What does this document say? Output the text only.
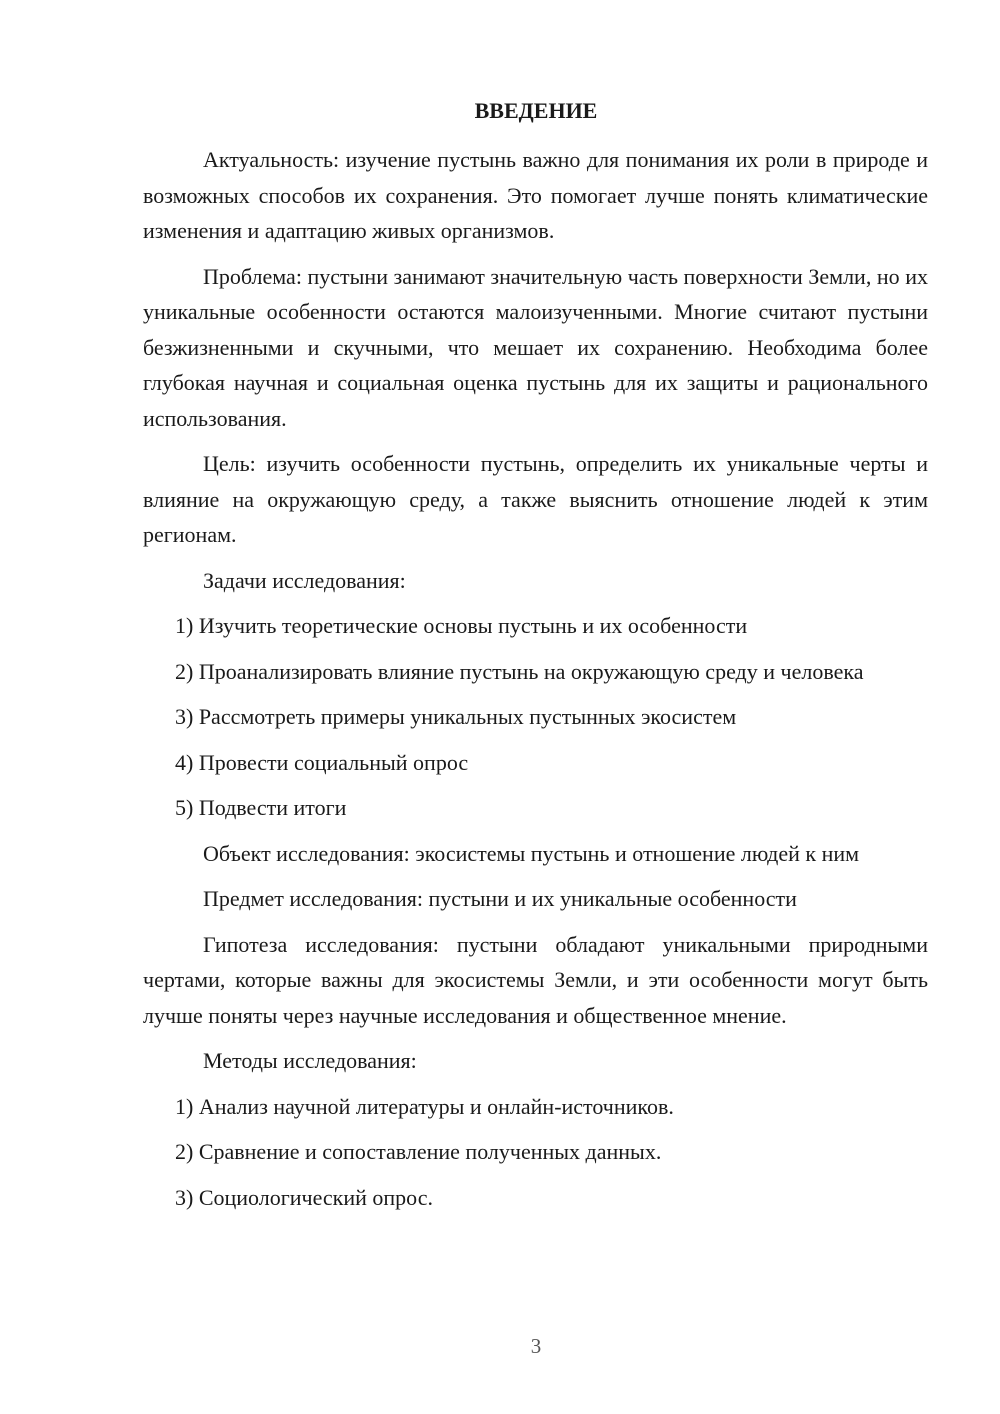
ВВЕДЕНИЕ

Актуальность: изучение пустынь важно для понимания их роли в природе и возможных способов их сохранения. Это помогает лучше понять климатические изменения и адаптацию живых организмов.

Проблема: пустыни занимают значительную часть поверхности Земли, но их уникальные особенности остаются малоизученными. Многие считают пустыни безжизненными и скучными, что мешает их сохранению. Необходима более глубокая научная и социальная оценка пустынь для их защиты и рационального использования.

Цель: изучить особенности пустынь, определить их уникальные черты и влияние на окружающую среду, а также выяснить отношение людей к этим регионам.

Задачи исследования:

1) Изучить теоретические основы пустынь и их особенности

2) Проанализировать влияние пустынь на окружающую среду и человека

3) Рассмотреть примеры уникальных пустынных экосистем

4) Провести социальный опрос

5) Подвести итоги

Объект исследования: экосистемы пустынь и отношение людей к ним

Предмет исследования: пустыни и их уникальные особенности

Гипотеза исследования: пустыни обладают уникальными природными чертами, которые важны для экосистемы Земли, и эти особенности могут быть лучше поняты через научные исследования и общественное мнение.

Методы исследования:

1) Анализ научной литературы и онлайн-источников.

2) Сравнение и сопоставление полученных данных.

3) Социологический опрос.

3
